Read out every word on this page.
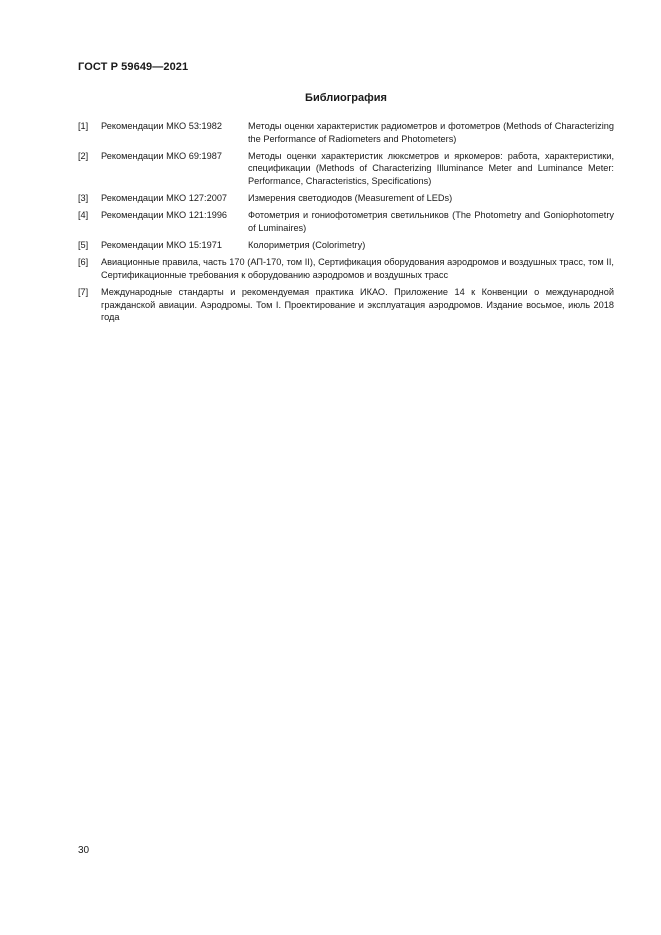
ГОСТ Р 59649—2021
Библиография
[1] Рекомендации МКО 53:1982	Методы оценки характеристик радиометров и фотометров (Methods of Characterizing the Performance of Radiometers and Photometers)
[2] Рекомендации МКО 69:1987	Методы оценки характеристик люксметров и яркомеров: работа, характеристики, спецификации (Methods of Characterizing Illuminance Meter and Luminance Meter: Performance, Characteristics, Specifications)
[3] Рекомендации МКО 127:2007 Измерения светодиодов (Measurement of LEDs)
[4] Рекомендации МКО 121:1996 Фотометрия и гониофотометрия светильников (The Photometry and Goniophotometry of Luminaires)
[5] Рекомендации МКО 15:1971	Колориметрия (Colorimetry)
[6] Авиационные правила, часть 170 (АП-170, том II), Сертификация оборудования аэродромов и воздушных трасс, том II, Сертификационные требования к оборудованию аэродромов и воздушных трасс
[7] Международные стандарты и рекомендуемая практика ИКАО. Приложение 14 к Конвенции о международной гражданской авиации. Аэродромы. Том I. Проектирование и эксплуатация аэродромов. Издание восьмое, июль 2018 года
30
